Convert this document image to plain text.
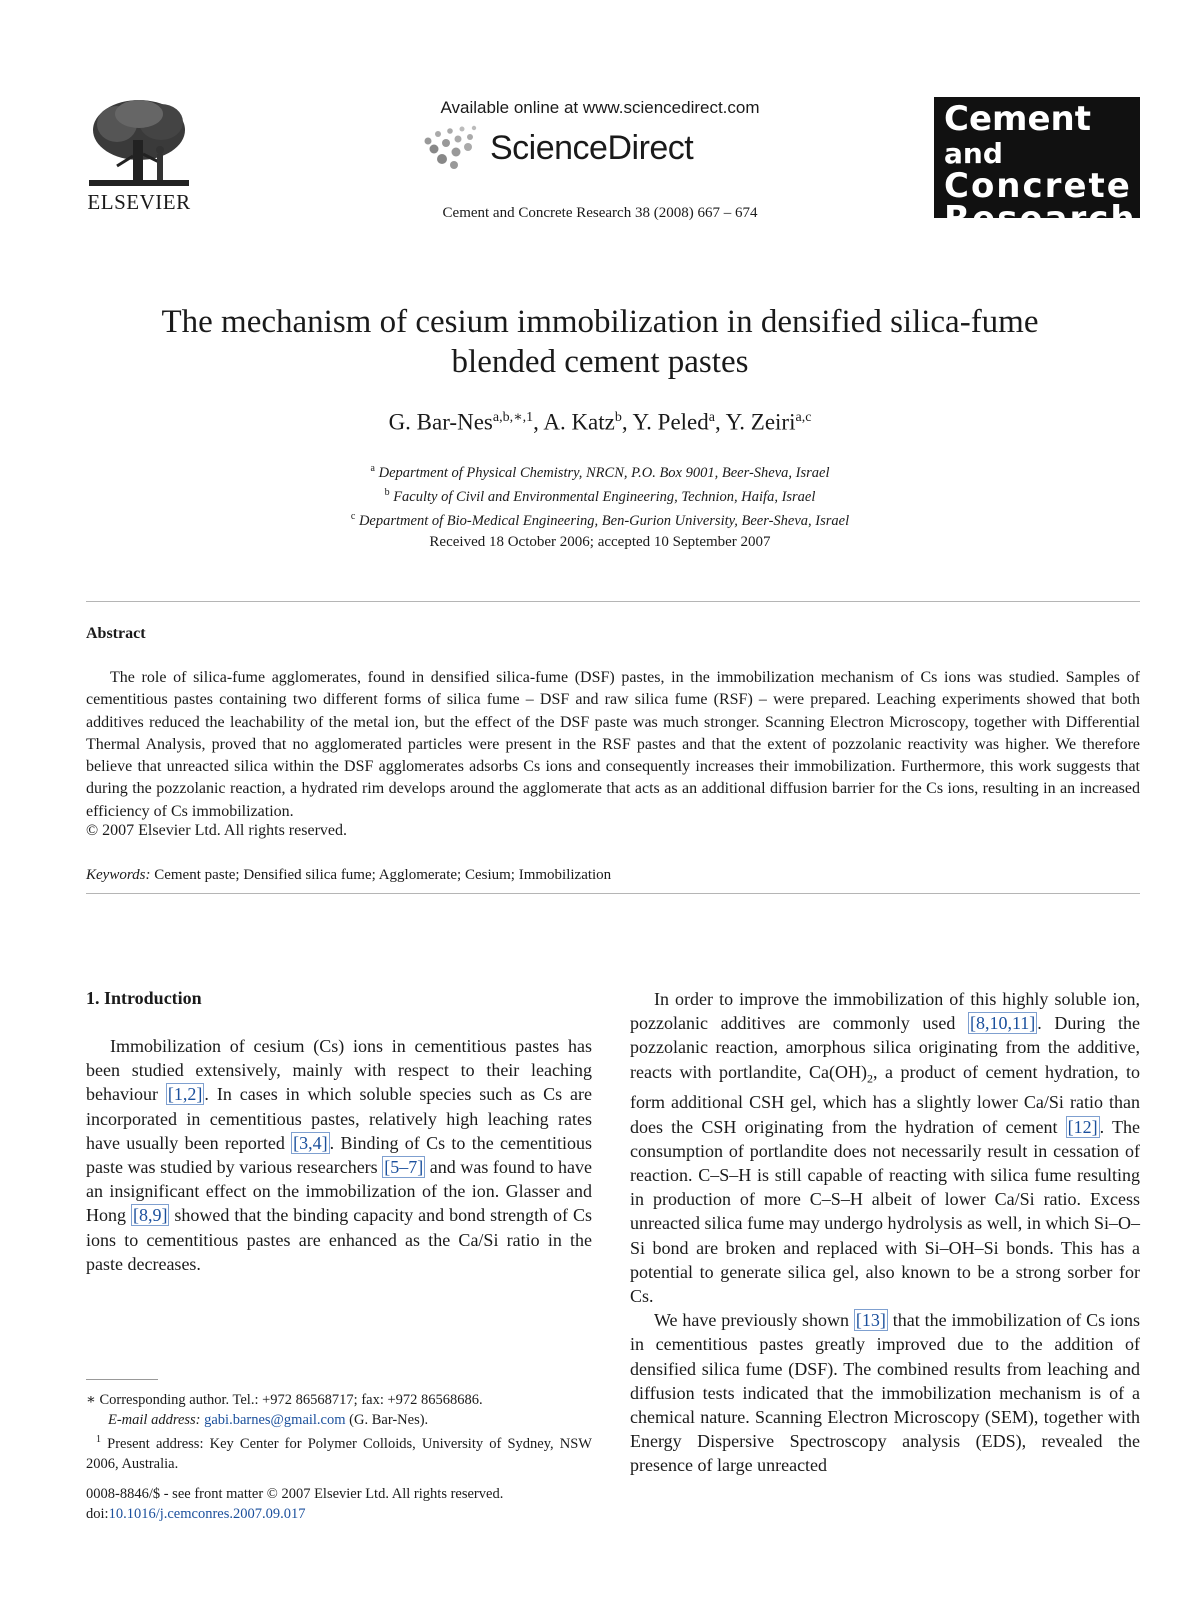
ELSEVIER
Available online at www.sciencedirect.com
ScienceDirect
Cement and Concrete Research 38 (2008) 667 – 674
Cement and
Concrete
Research
The mechanism of cesium immobilization in densified silica-fume
blended cement pastes
G. Bar-Nes$^{a,b,∗,1}$, A. Katz$^b$, Y. Peled$^a$, Y. Zeiri$^{a,c}$
$^a$ Department of Physical Chemistry, NRCN, P.O. Box 9001, Beer-Sheva, Israel
$^b$ Faculty of Civil and Environmental Engineering, Technion, Haifa, Israel
$^c$ Department of Bio-Medical Engineering, Ben-Gurion University, Beer-Sheva, Israel
Received 18 October 2006; accepted 10 September 2007
Abstract

The role of silica-fume agglomerates, found in densified silica-fume (DSF) pastes, in the immobilization mechanism of Cs ions was studied. Samples of cementitious pastes containing two different forms of silica fume – DSF and raw silica fume (RSF) – were prepared. Leaching experiments showed that both additives reduced the leachability of the metal ion, but the effect of the DSF paste was much stronger. Scanning Electron Microscopy, together with Differential Thermal Analysis, proved that no agglomerated particles were present in the RSF pastes and that the extent of pozzolanic reactivity was higher. We therefore believe that unreacted silica within the DSF agglomerates adsorbs Cs ions and consequently increases their immobilization. Furthermore, this work suggests that during the pozzolanic reaction, a hydrated rim develops around the agglomerate that acts as an additional diffusion barrier for the Cs ions, resulting in an increased efficiency of Cs immobilization.

© 2007 Elsevier Ltd. All rights reserved.
Keywords: Cement paste; Densified silica fume; Agglomerate; Cesium; Immobilization
1. Introduction

Immobilization of cesium (Cs) ions in cementitious pastes has been studied extensively, mainly with respect to their leaching behaviour [1,2] . In cases in which soluble species such as Cs are incorporated in cementitious pastes, relatively high leaching rates have usually been reported [3,4] . Binding of Cs to the cementitious paste was studied by various researchers [5–7] and was found to have an insignificant effect on the immobilization of the ion. Glasser and Hong [8,9] showed that the binding capacity and bond strength of Cs ions to cementitious pastes are enhanced as the Ca/Si ratio in the paste decreases.

In order to improve the immobilization of this highly soluble ion, pozzolanic additives are commonly used [8,10,11] . During the pozzolanic reaction, amorphous silica originating from the additive, reacts with portlandite, $Ca(OH)_2$, a product of cement hydration, to form additional CSH gel, which has a slightly lower Ca/Si ratio than does the CSH originating from the hydration of cement [12] . The consumption of portlandite does not necessarily result in cessation of reaction. C–S–H is still capable of reacting with silica fume resulting in production of more C–S–H albeit of lower Ca/Si ratio. Excess unreacted silica fume may undergo hydrolysis as well, in which Si–O–Si bond are broken and replaced with Si–OH–Si bonds. This has a potential to generate silica gel, also known to be a strong sorber for Cs.

We have previously shown [13] that the immobilization of Cs ions in cementitious pastes greatly improved due to the addition of densified silica fume (DSF). The combined results from leaching and diffusion tests indicated that the immobilization mechanism is of a chemical nature. Scanning Electron Microscopy (SEM), together with Energy Dispersive Spectroscopy analysis (EDS), revealed the presence of large unreacted

∗ Corresponding author. Tel.: +972 86568717; fax: +972 86568686.

E-mail address: gabi.barnes@gmail.com (G. Bar-Nes).

$^1$ Present address: Key Center for Polymer Colloids, University of Sydney, NSW 2006, Australia.

0008-8846/$ - see front matter © 2007 Elsevier Ltd. All rights reserved.
doi:10.1016/j.cemconres.2007.09.017
